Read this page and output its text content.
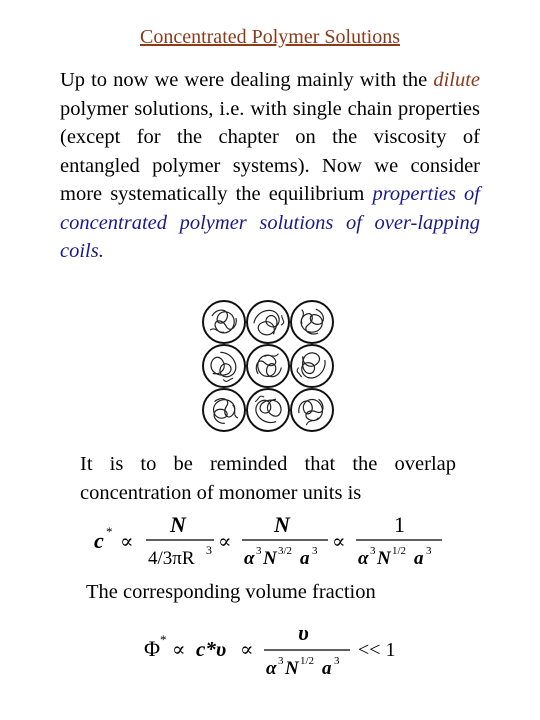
Concentrated Polymer Solutions
Up to now we were dealing mainly with the dilute polymer solutions, i.e. with single chain properties (except for the chapter on the viscosity of entangled polymer systems). Now we consider more systematically the equilibrium properties of concentrated polymer solutions of over-lapping coils.
It is to be reminded that the overlap concentration of monomer units is
c * ∝
N
4/3πR 3 ∝
N
α 3 N 3/2 a 3 ∝
1
α 3 N 1/2 a 3
The corresponding volume fraction
Φ * ∝ c*υ ∝
υ
α 3 N 1/2 a 3 << 1
